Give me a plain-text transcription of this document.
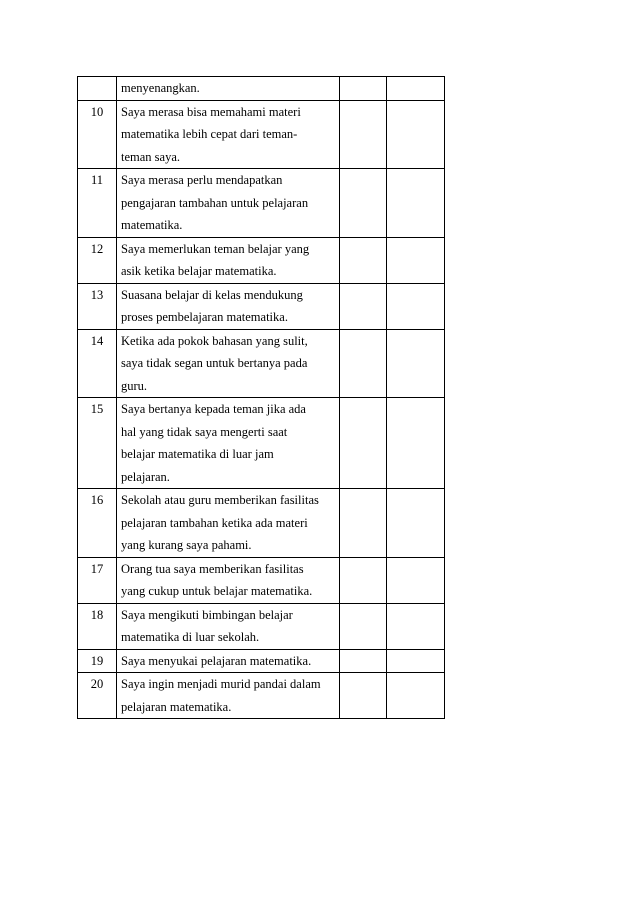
	menyenangkan.		

10	Saya merasa bisa memahami materi
matematika lebih cepat dari teman-
teman saya.		

11	Saya merasa perlu mendapatkan
pengajaran tambahan untuk pelajaran
matematika.		

12	Saya memerlukan teman belajar yang
asik ketika belajar matematika.		

13	Suasana belajar di kelas mendukung
proses pembelajaran matematika.		

14	Ketika ada pokok bahasan yang sulit,
saya tidak segan untuk bertanya pada
guru.		

15	Saya bertanya kepada teman jika ada
hal yang tidak saya mengerti saat
belajar matematika di luar jam
pelajaran.		

16	Sekolah atau guru memberikan fasilitas
pelajaran tambahan ketika ada materi
yang kurang saya pahami.		

17	Orang tua saya memberikan fasilitas
yang cukup untuk belajar matematika.		

18	Saya mengikuti bimbingan belajar
matematika di luar sekolah.		

19	Saya menyukai pelajaran matematika.		

20	Saya ingin menjadi murid pandai dalam
pelajaran matematika.		
